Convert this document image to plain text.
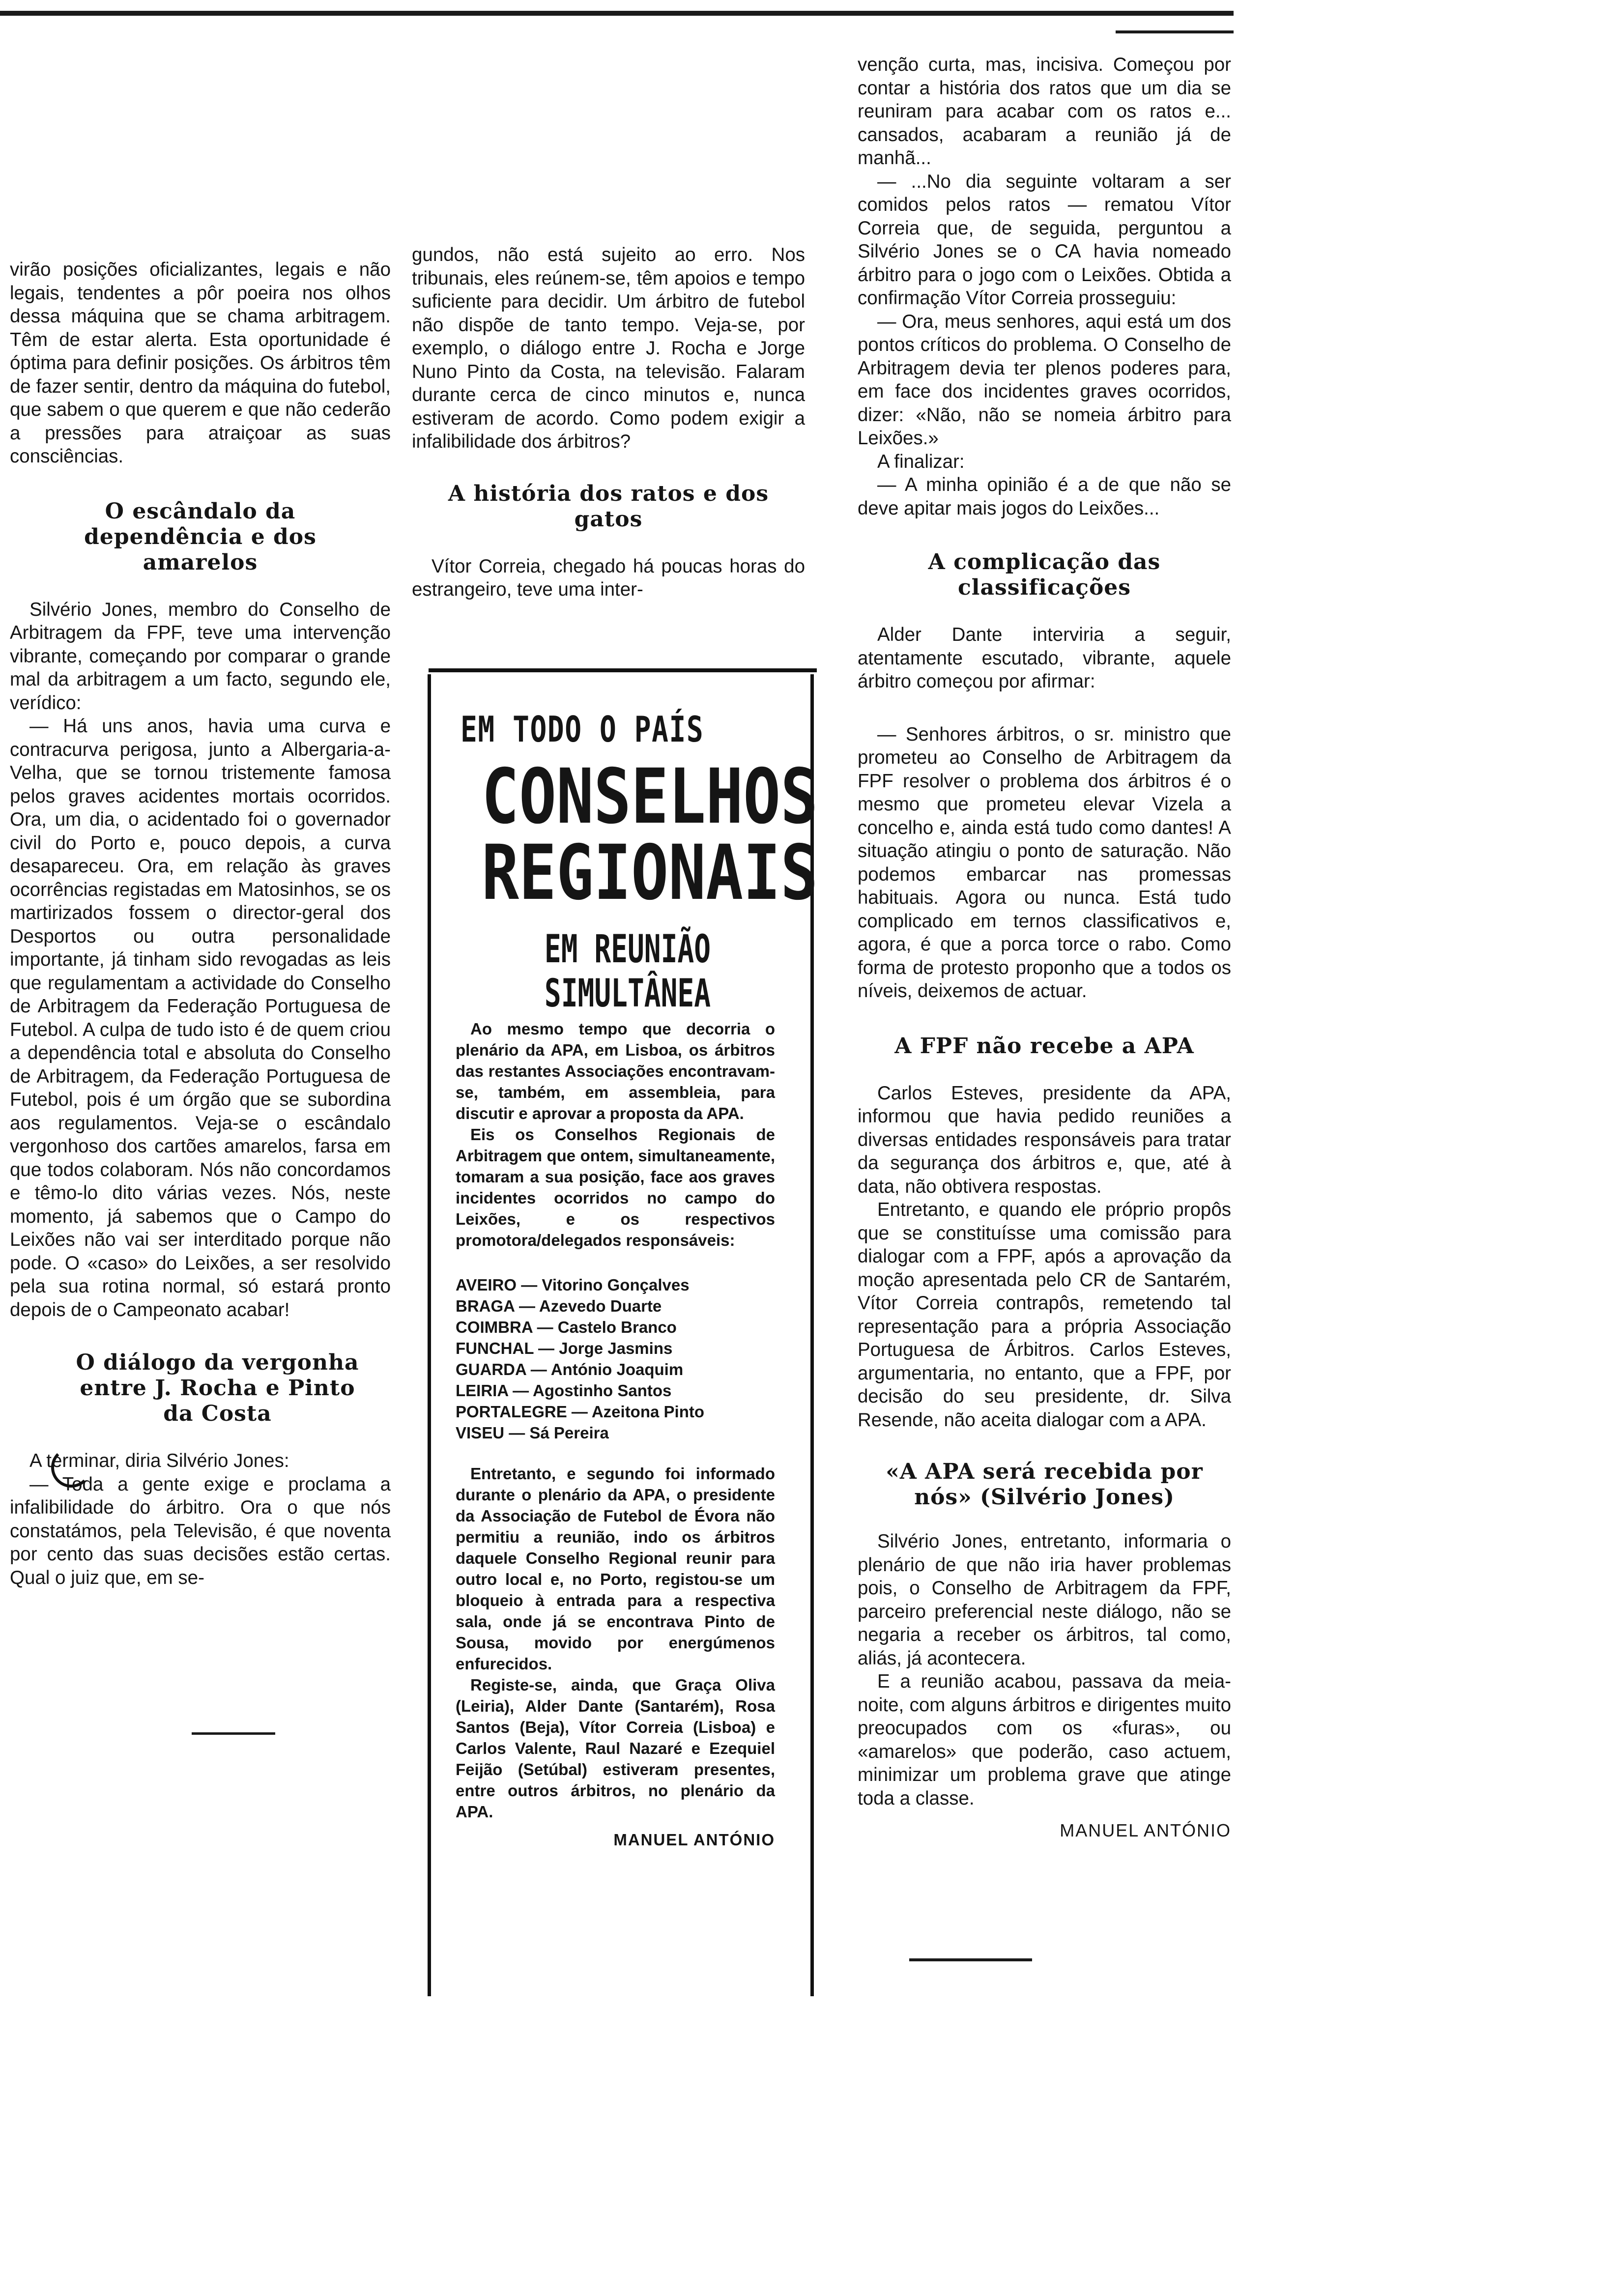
virão posições oficializantes, legais e não legais, tendentes a pôr poeira nos olhos dessa máquina que se chama arbitragem. Têm de estar alerta. Esta oportunidade é óptima para definir posições. Os árbitros têm de fazer sentir, dentro da máquina do futebol, que sabem o que querem e que não cederão a pressões para atraiçoar as suas consciências.

O escândalo da dependência e dos amarelos

Silvério Jones, membro do Conselho de Arbitragem da FPF, teve uma intervenção vibrante, começando por comparar o grande mal da arbitragem a um facto, segundo ele, verídico:

— Há uns anos, havia uma curva e contracurva perigosa, junto a Albergaria-a-Velha, que se tornou tristemente famosa pelos graves acidentes mortais ocorridos. Ora, um dia, o acidentado foi o governador civil do Porto e, pouco depois, a curva desapareceu. Ora, em relação às graves ocorrências registadas em Matosinhos, se os martirizados fossem o director-geral dos Desportos ou outra personalidade importante, já tinham sido revogadas as leis que regulamentam a actividade do Conselho de Arbitragem da Federação Portuguesa de Futebol. A culpa de tudo isto é de quem criou a dependência total e absoluta do Conselho de Arbitragem, da Federação Portuguesa de Futebol, pois é um órgão que se subordina aos regulamentos. Veja-se o escândalo vergonhoso dos cartões amarelos, farsa em que todos colaboram. Nós não concordamos e têmo-lo dito várias vezes. Nós, neste momento, já sabemos que o Campo do Leixões não vai ser interditado porque não pode. O «caso» do Leixões, a ser resolvido pela sua rotina normal, só estará pronto depois de o Campeonato acabar!

O diálogo da vergonha entre J. Rocha e Pinto da Costa

A terminar, diria Silvério Jones:

— Toda a gente exige e proclama a infalibilidade do árbitro. Ora o que nós constatámos, pela Televisão, é que noventa por cento das suas decisões estão certas. Qual o juiz que, em se-

gundos, não está sujeito ao erro. Nos tribunais, eles reúnem-se, têm apoios e tempo suficiente para decidir. Um árbitro de futebol não dispõe de tanto tempo. Veja-se, por exemplo, o diálogo entre J. Rocha e Jorge Nuno Pinto da Costa, na televisão. Falaram durante cerca de cinco minutos e, nunca estiveram de acordo. Como podem exigir a infalibilidade dos árbitros?

A história dos ratos e dos gatos

Vítor Correia, chegado há poucas horas do estrangeiro, teve uma inter-

EM TODO O PAÍS
CONSELHOS
REGIONAIS
EM REUNIÃO SIMULTÂNEA

Ao mesmo tempo que decorria o plenário da APA, em Lisboa, os árbitros das restantes Associações encontravam-se, também, em assembleia, para discutir e aprovar a proposta da APA.

Eis os Conselhos Regionais de Arbitragem que ontem, simultaneamente, tomaram a sua posição, face aos graves incidentes ocorridos no campo do Leixões, e os respectivos promotora/delegados responsáveis:

AVEIRO — Vitorino Gonçalves
BRAGA — Azevedo Duarte
COIMBRA — Castelo Branco
FUNCHAL — Jorge Jasmins
GUARDA — António Joaquim
LEIRIA — Agostinho Santos
PORTALEGRE — Azeitona Pinto
VISEU — Sá Pereira

Entretanto, e segundo foi informado durante o plenário da APA, o presidente da Associação de Futebol de Évora não permitiu a reunião, indo os árbitros daquele Conselho Regional reunir para outro local e, no Porto, registou-se um bloqueio à entrada para a respectiva sala, onde já se encontrava Pinto de Sousa, movido por energúmenos enfurecidos.

Registe-se, ainda, que Graça Oliva (Leiria), Alder Dante (Santarém), Rosa Santos (Beja), Vítor Correia (Lisboa) e Carlos Valente, Raul Nazaré e Ezequiel Feijão (Setúbal) estiveram presentes, entre outros árbitros, no plenário da APA.

MANUEL ANTÓNIO

venção curta, mas, incisiva. Começou por contar a história dos ratos que um dia se reuniram para acabar com os ratos e... cansados, acabaram a reunião já de manhã...

— ...No dia seguinte voltaram a ser comidos pelos ratos — rematou Vítor Correia que, de seguida, perguntou a Silvério Jones se o CA havia nomeado árbitro para o jogo com o Leixões. Obtida a confirmação Vítor Correia prosseguiu:

— Ora, meus senhores, aqui está um dos pontos críticos do problema. O Conselho de Arbitragem devia ter plenos poderes para, em face dos incidentes graves ocorridos, dizer: «Não, não se nomeia árbitro para Leixões.»

A finalizar:

— A minha opinião é a de que não se deve apitar mais jogos do Leixões...

A complicação das classificações

Alder Dante interviria a seguir, atentamente escutado, vibrante, aquele árbitro começou por afirmar:

— Senhores árbitros, o sr. ministro que prometeu ao Conselho de Arbitragem da FPF resolver o problema dos árbitros é o mesmo que prometeu elevar Vizela a concelho e, ainda está tudo como dantes! A situação atingiu o ponto de saturação. Não podemos embarcar nas promessas habituais. Agora ou nunca. Está tudo complicado em ternos classificativos e, agora, é que a porca torce o rabo. Como forma de protesto proponho que a todos os níveis, deixemos de actuar.

A FPF não recebe a APA

Carlos Esteves, presidente da APA, informou que havia pedido reuniões a diversas entidades responsáveis para tratar da segurança dos árbitros e, que, até à data, não obtivera respostas.

Entretanto, e quando ele próprio propôs que se constituísse uma comissão para dialogar com a FPF, após a aprovação da moção apresentada pelo CR de Santarém, Vítor Correia contrapôs, remetendo tal representação para a própria Associação Portuguesa de Árbitros. Carlos Esteves, argumentaria, no entanto, que a FPF, por decisão do seu presidente, dr. Silva Resende, não aceita dialogar com a APA.

«A APA será recebida por nós» (Silvério Jones)

Silvério Jones, entretanto, informaria o plenário de que não iria haver problemas pois, o Conselho de Arbitragem da FPF, parceiro preferencial neste diálogo, não se negaria a receber os árbitros, tal como, aliás, já acontecera.

E a reunião acabou, passava da meia-noite, com alguns árbitros e dirigentes muito preocupados com os «furas», ou «amarelos» que poderão, caso actuem, minimizar um problema grave que atinge toda a classe.

MANUEL ANTÓNIO
